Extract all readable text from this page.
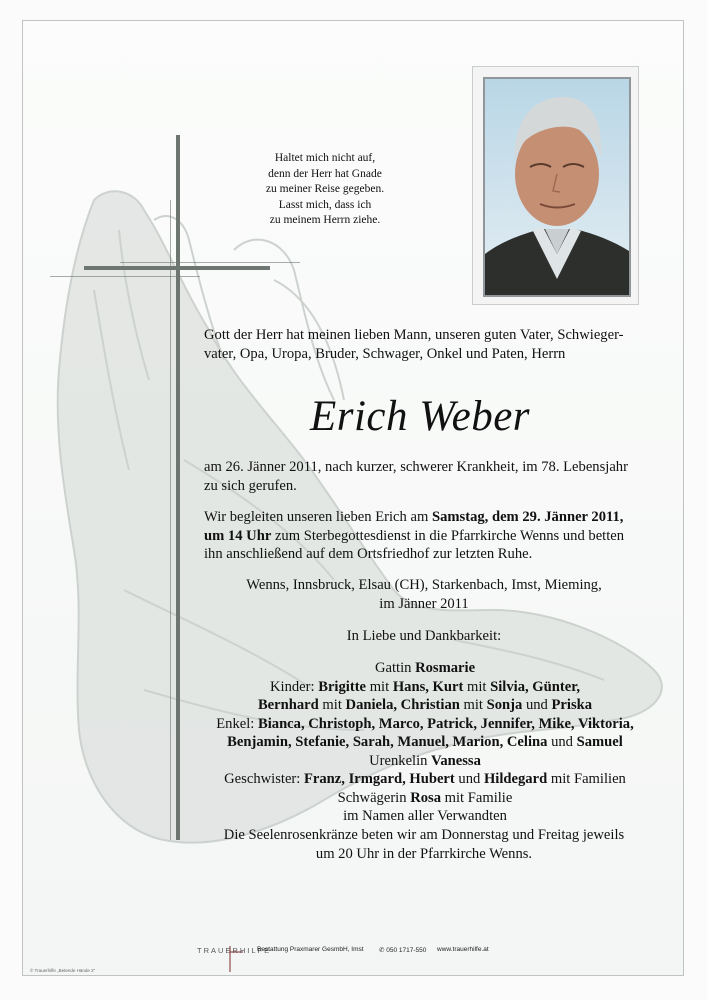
Haltet mich nicht auf,
denn der Herr hat Gnade
zu meiner Reise gegeben.
Lasst mich, dass ich
zu meinem Herrn ziehe.
Gott der Herr hat meinen lieben Mann, unseren guten Vater, Schwieger-
vater, Opa, Uropa, Bruder, Schwager, Onkel und Paten, Herrn
Erich Weber
am 26. Jänner 2011, nach kurzer, schwerer Krankheit, im 78. Lebensjahr
zu sich gerufen.
Wir begleiten unseren lieben Erich am Samstag, dem 29. Jänner 2011,
um 14 Uhr zum Sterbegottesdienst in die Pfarrkirche Wenns und betten
ihn anschließend auf dem Ortsfriedhof zur letzten Ruhe.
Wenns, Innsbruck, Elsau (CH), Starkenbach, Imst, Mieming,
im Jänner 2011
In Liebe und Dankbarkeit:
Gattin Rosmarie
Kinder: Brigitte mit Hans, Kurt mit Silvia, Günter,
Bernhard mit Daniela, Christian mit Sonja und Priska
Enkel: Bianca, Christoph, Marco, Patrick, Jennifer, Mike, Viktoria,
Benjamin, Stefanie, Sarah, Manuel, Marion, Celina und Samuel
Urenkelin Vanessa
Geschwister: Franz, Irmgard, Hubert und Hildegard mit Familien
Schwägerin Rosa mit Familie
im Namen aller Verwandten
Die Seelenrosenkränze beten wir am Donnerstag und Freitag jeweils
um 20 Uhr in der Pfarrkirche Wenns.
TRAUERHILFE
Bestattung Praxmarer GesmbH, Imst ✆ 050 1717-550 www.trauerhilfe.at
© Trauerhilfe „Betende Hände 2“
